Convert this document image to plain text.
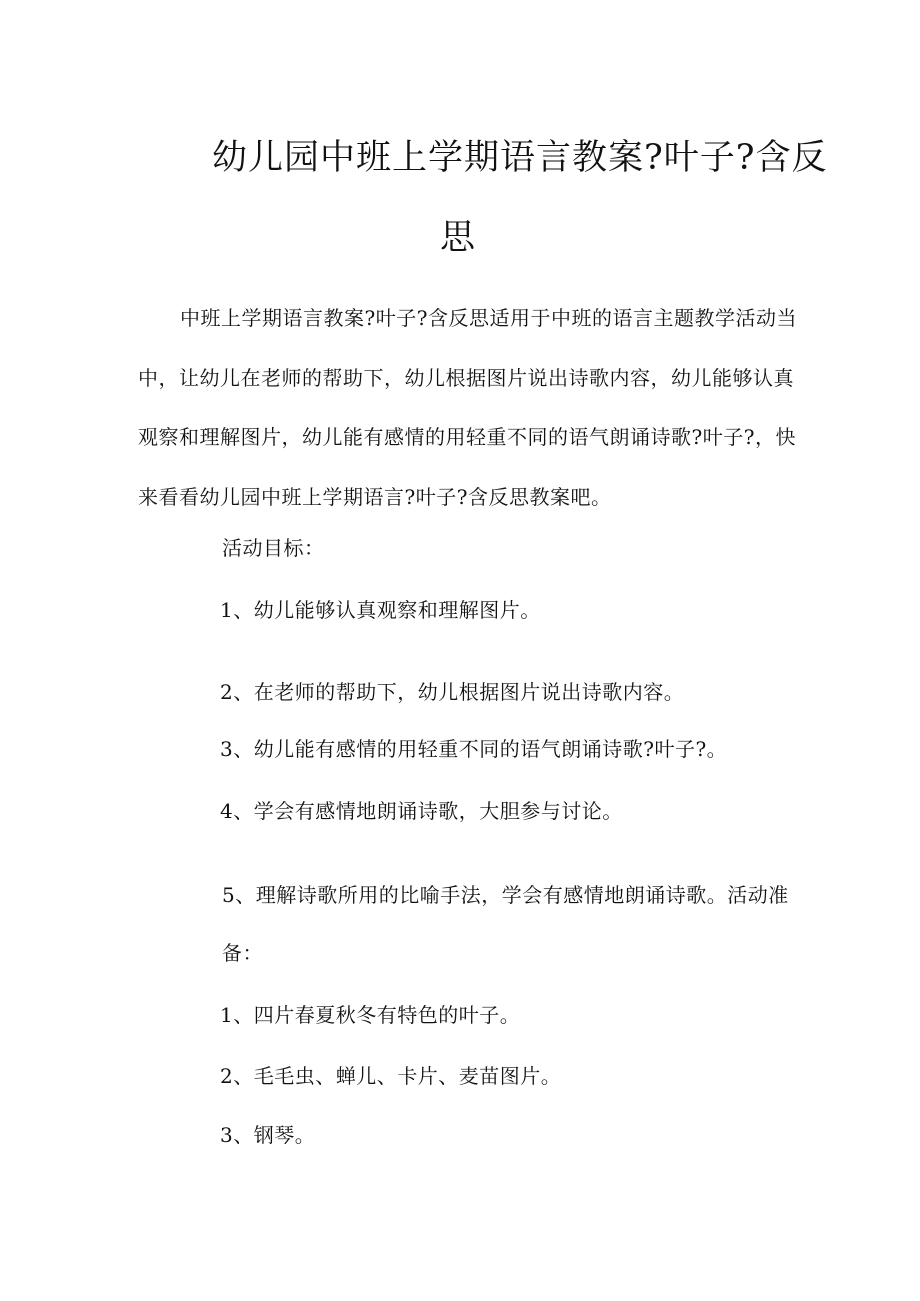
幼儿园中班上学期语言教案?叶子?含反
思
中班上学期语言教案?叶子?含反思适用于中班的语言主题教学活动当
中，让幼儿在老师的帮助下，幼儿根据图片说出诗歌内容，幼儿能够认真
观察和理解图片，幼儿能有感情的用轻重不同的语气朗诵诗歌?叶子?，快
来看看幼儿园中班上学期语言?叶子?含反思教案吧。
活动目标：
1、幼儿能够认真观察和理解图片。
2、在老师的帮助下，幼儿根据图片说出诗歌内容。
3、幼儿能有感情的用轻重不同的语气朗诵诗歌?叶子?。
4、学会有感情地朗诵诗歌，大胆参与讨论。
5、理解诗歌所用的比喻手法，学会有感情地朗诵诗歌。活动准
备：
1、四片春夏秋冬有特色的叶子。
2、毛毛虫、蝉儿、卡片、麦苗图片。
3、钢琴。
